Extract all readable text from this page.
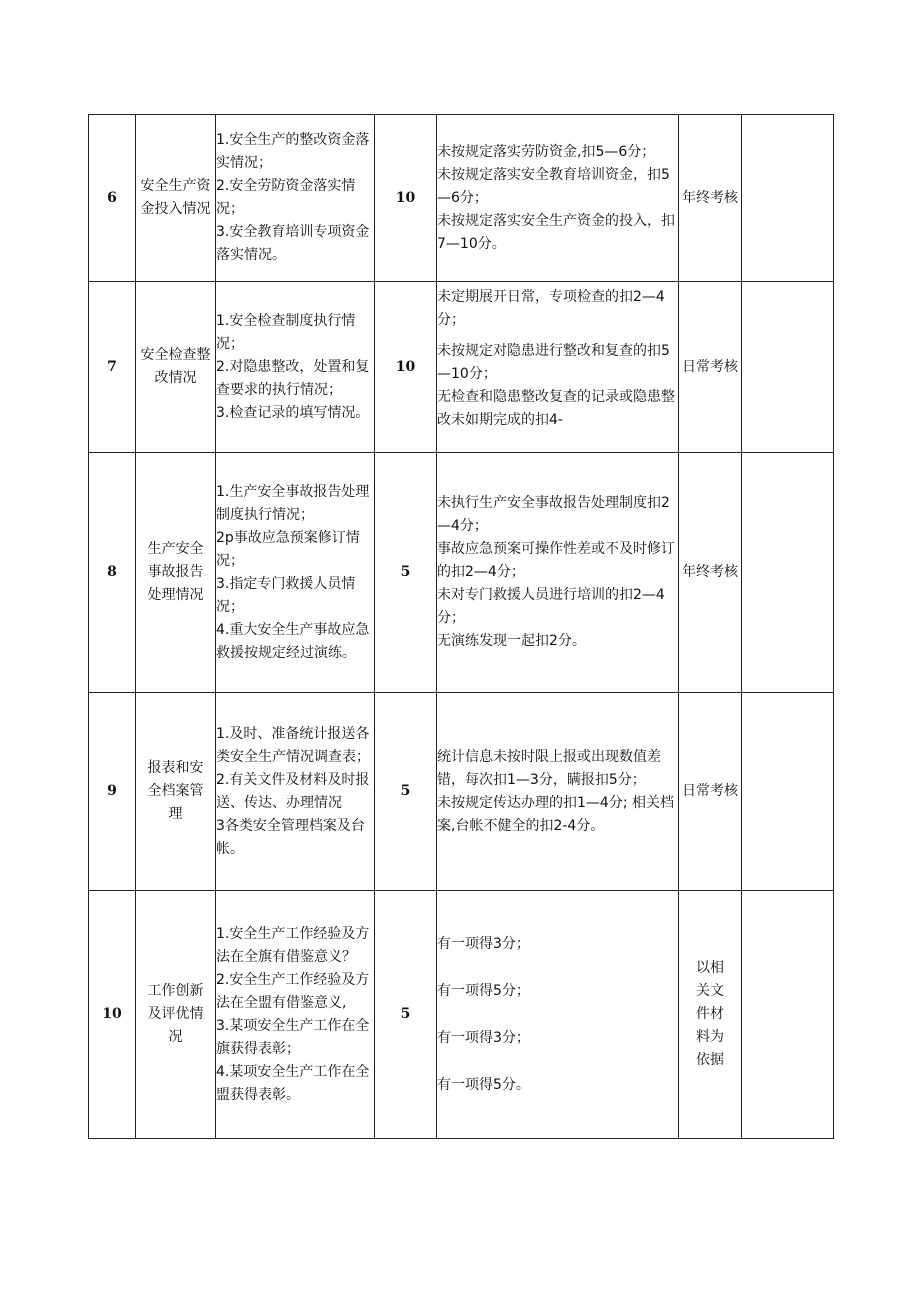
6	安全生产资金投入情况	1.安全生产的整改资金落实情况；
2.安全劳防资金落实情况；
3.安全教育培训专项资金落实情况。	10	未按规定落实劳防资金,扣5—6分；
未按规定落实安全教育培训资金，扣5—6分；
未按规定落实安全生产资金的投入，扣7—10分。	年终考核	
7	安全检查整改情况	1.安全检查制度执行情况；
2.对隐患整改，处置和复查要求的执行情况；
3.检查记录的填写情况。	10	未定期展开日常，专项检查的扣2—4分；
未按规定对隐患进行整改和复查的扣5—10分；
无检查和隐患整改复查的记录或隐患整改未如期完成的扣4-	日常考核	
8	生产安全事故报告处理情况	1.生产安全事故报告处理制度执行情况；
2p事故应急预案修订情况；
3.指定专门救援人员情况；
4.重大安全生产事故应急救援按规定经过演练。	5	未执行生产安全事故报告处理制度扣2—4分；
事故应急预案可操作性差或不及时修订的扣2—4分；
未对专门救援人员进行培训的扣2—4分；
无演练发现一起扣2分。	年终考核	
9	报表和安全档案管理	1.及时、准备统计报送各类安全生产情况调查表；
2.有关文件及材料及时报送、传达、办理情况
3各类安全管理档案及台帐。	5	统计信息未按时限上报或出现数值差错，每次扣1—3分，瞒报扣5分；
未按规定传达办理的扣1—4分; 相关档案,台帐不健全的扣2-4分。	日常考核	
10	工作创新及评优情况	1.安全生产工作经验及方法在全旗有借鉴意义？
2.安全生产工作经验及方法在全盟有借鉴意义,
3.某项安全生产工作在全旗获得表彰；
4.某项安全生产工作在全盟获得表彰。	5	有一项得3分；
有一项得5分；
有一项得3分；
有一项得5分。	以相关文件材料为依据	
